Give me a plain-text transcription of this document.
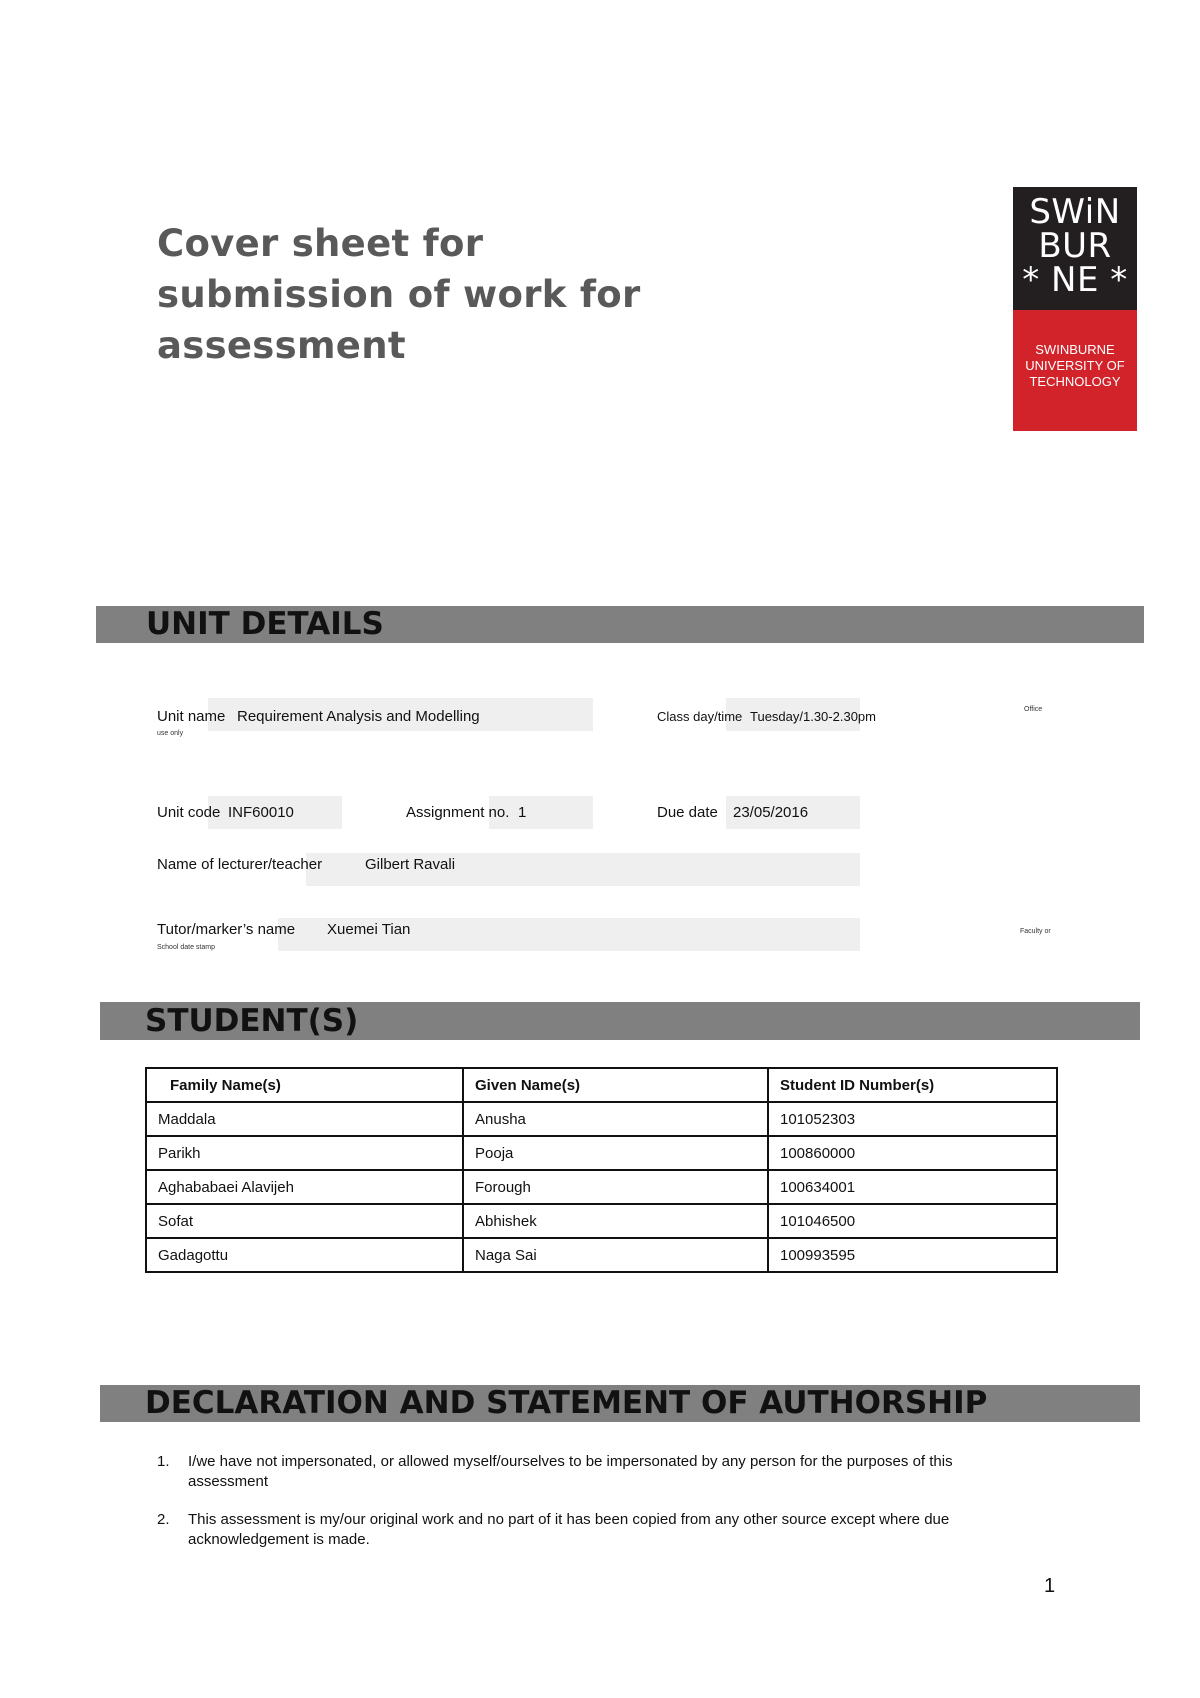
Cover sheet for
submission of work for
assessment
SWiN
BUR
* NE *
SWINBURNE
UNIVERSITY OF
TECHNOLOGY
UNIT DETAILS
Unit name Requirement Analysis and Modelling
use only
Class day/time Tuesday/1.30-2.30pm	Office
Unit code INF60010	Assignment no. 1	Due date 23/05/2016
Name of lecturer/teacher	Gilbert Ravali
Tutor/marker’s name Xuemei Tian
School date stamp
Faculty or
STUDENT(S)
Family Name(s)	Given Name(s)	Student ID Number(s)
Maddala	Anusha	101052303
Parikh	Pooja	100860000
Aghababaei Alavijeh	Forough	100634001
Sofat	Abhishek	101046500
Gadagottu	Naga Sai	100993595
DECLARATION AND STATEMENT OF AUTHORSHIP
1. I/we have not impersonated, or allowed myself/ourselves to be impersonated by any person for the purposes of this assessment
2. This assessment is my/our original work and no part of it has been copied from any other source except where due acknowledgement is made.
1
